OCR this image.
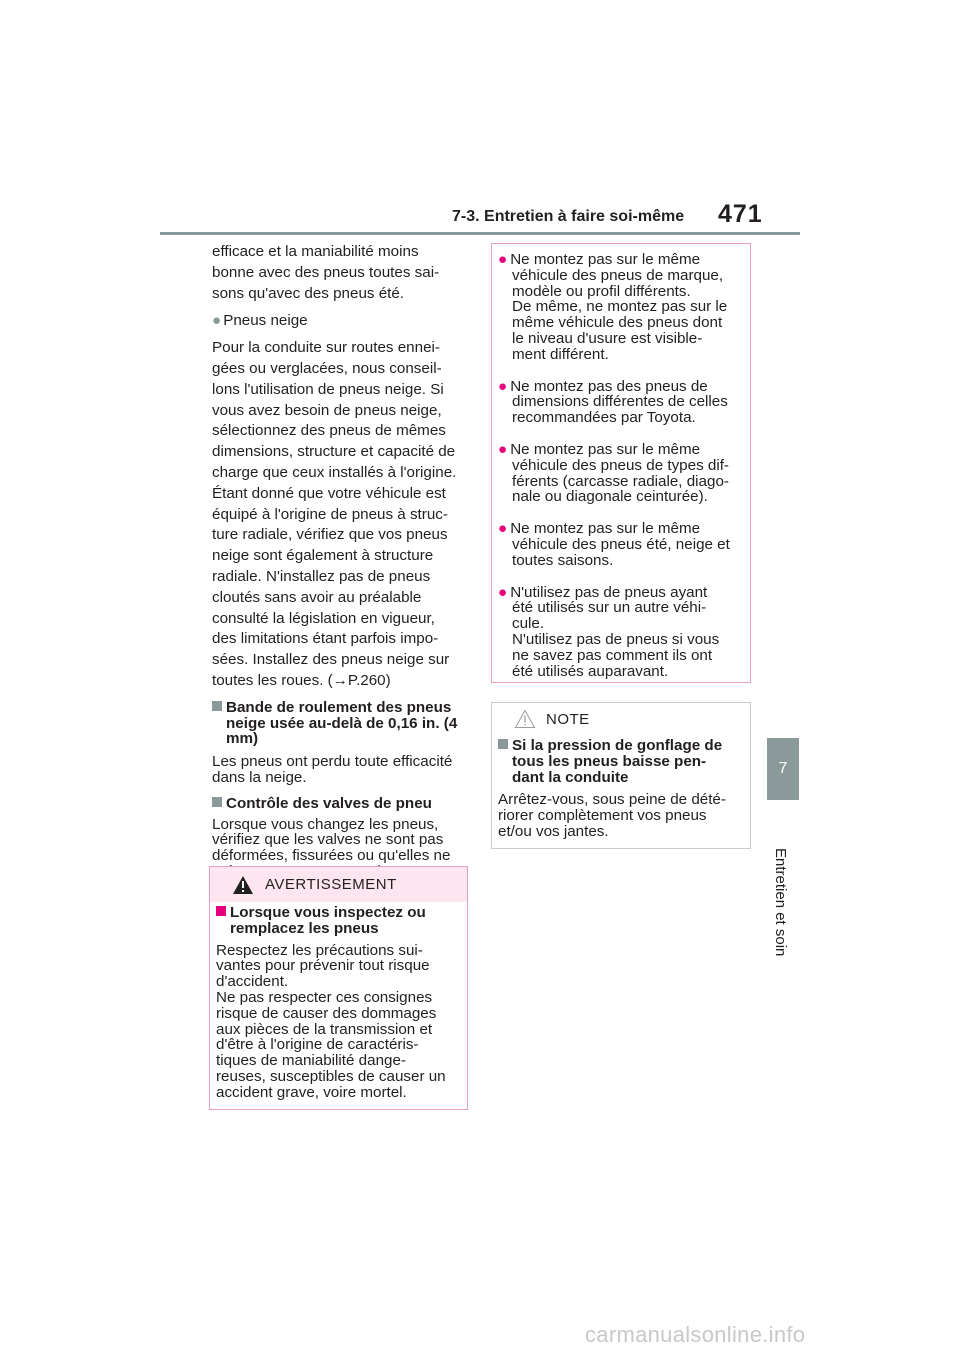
7-3. Entretien à faire soi-même 471
7
Entretien et soin
efficace et la maniabilité moins
bonne avec des pneus toutes sai-
sons qu'avec des pneus été.
● Pneus neige
Pour la conduite sur routes ennei-
gées ou verglacées, nous conseil-
lons l'utilisation de pneus neige. Si
vous avez besoin de pneus neige,
sélectionnez des pneus de mêmes
dimensions, structure et capacité de
charge que ceux installés à l'origine.
Étant donné que votre véhicule est
équipé à l'origine de pneus à struc-
ture radiale, vérifiez que vos pneus
neige sont également à structure
radiale. N'installez pas de pneus
cloutés sans avoir au préalable
consulté la législation en vigueur,
des limitations étant parfois impo-
sées. Installez des pneus neige sur
toutes les roues. (→P.260)
Bande de roulement des pneus
neige usée au-delà de 0,16 in. (4
mm)
Les pneus ont perdu toute efficacité
dans la neige.
Contrôle des valves de pneu
Lorsque vous changez les pneus,
vérifiez que les valves ne sont pas
déformées, fissurées ou qu'elles ne
AVERTISSEMENT
Lorsque vous inspectez ou
remplacez les pneus
Respectez les précautions sui-
vantes pour prévenir tout risque
d'accident.
Ne pas respecter ces consignes
risque de causer des dommages
aux pièces de la transmission et
d'être à l'origine de caractéris-
tiques de maniabilité dange-
reuses, susceptibles de causer un
accident grave, voire mortel.
● Ne montez pas sur le même
véhicule des pneus de marque,
modèle ou profil différents.
De même, ne montez pas sur le
même véhicule des pneus dont
le niveau d'usure est visible-
ment différent.
● Ne montez pas des pneus de
dimensions différentes de celles
recommandées par Toyota.
● Ne montez pas sur le même
véhicule des pneus de types dif-
férents (carcasse radiale, diago-
nale ou diagonale ceinturée).
● Ne montez pas sur le même
véhicule des pneus été, neige et
toutes saisons.
● N'utilisez pas de pneus ayant
été utilisés sur un autre véhi-
cule.
N'utilisez pas de pneus si vous
ne savez pas comment ils ont
été utilisés auparavant.
NOTE
Si la pression de gonflage de
tous les pneus baisse pen-
dant la conduite
Arrêtez-vous, sous peine de dété-
riorer complètement vos pneus
et/ou vos jantes.
carmanualsonline.info
